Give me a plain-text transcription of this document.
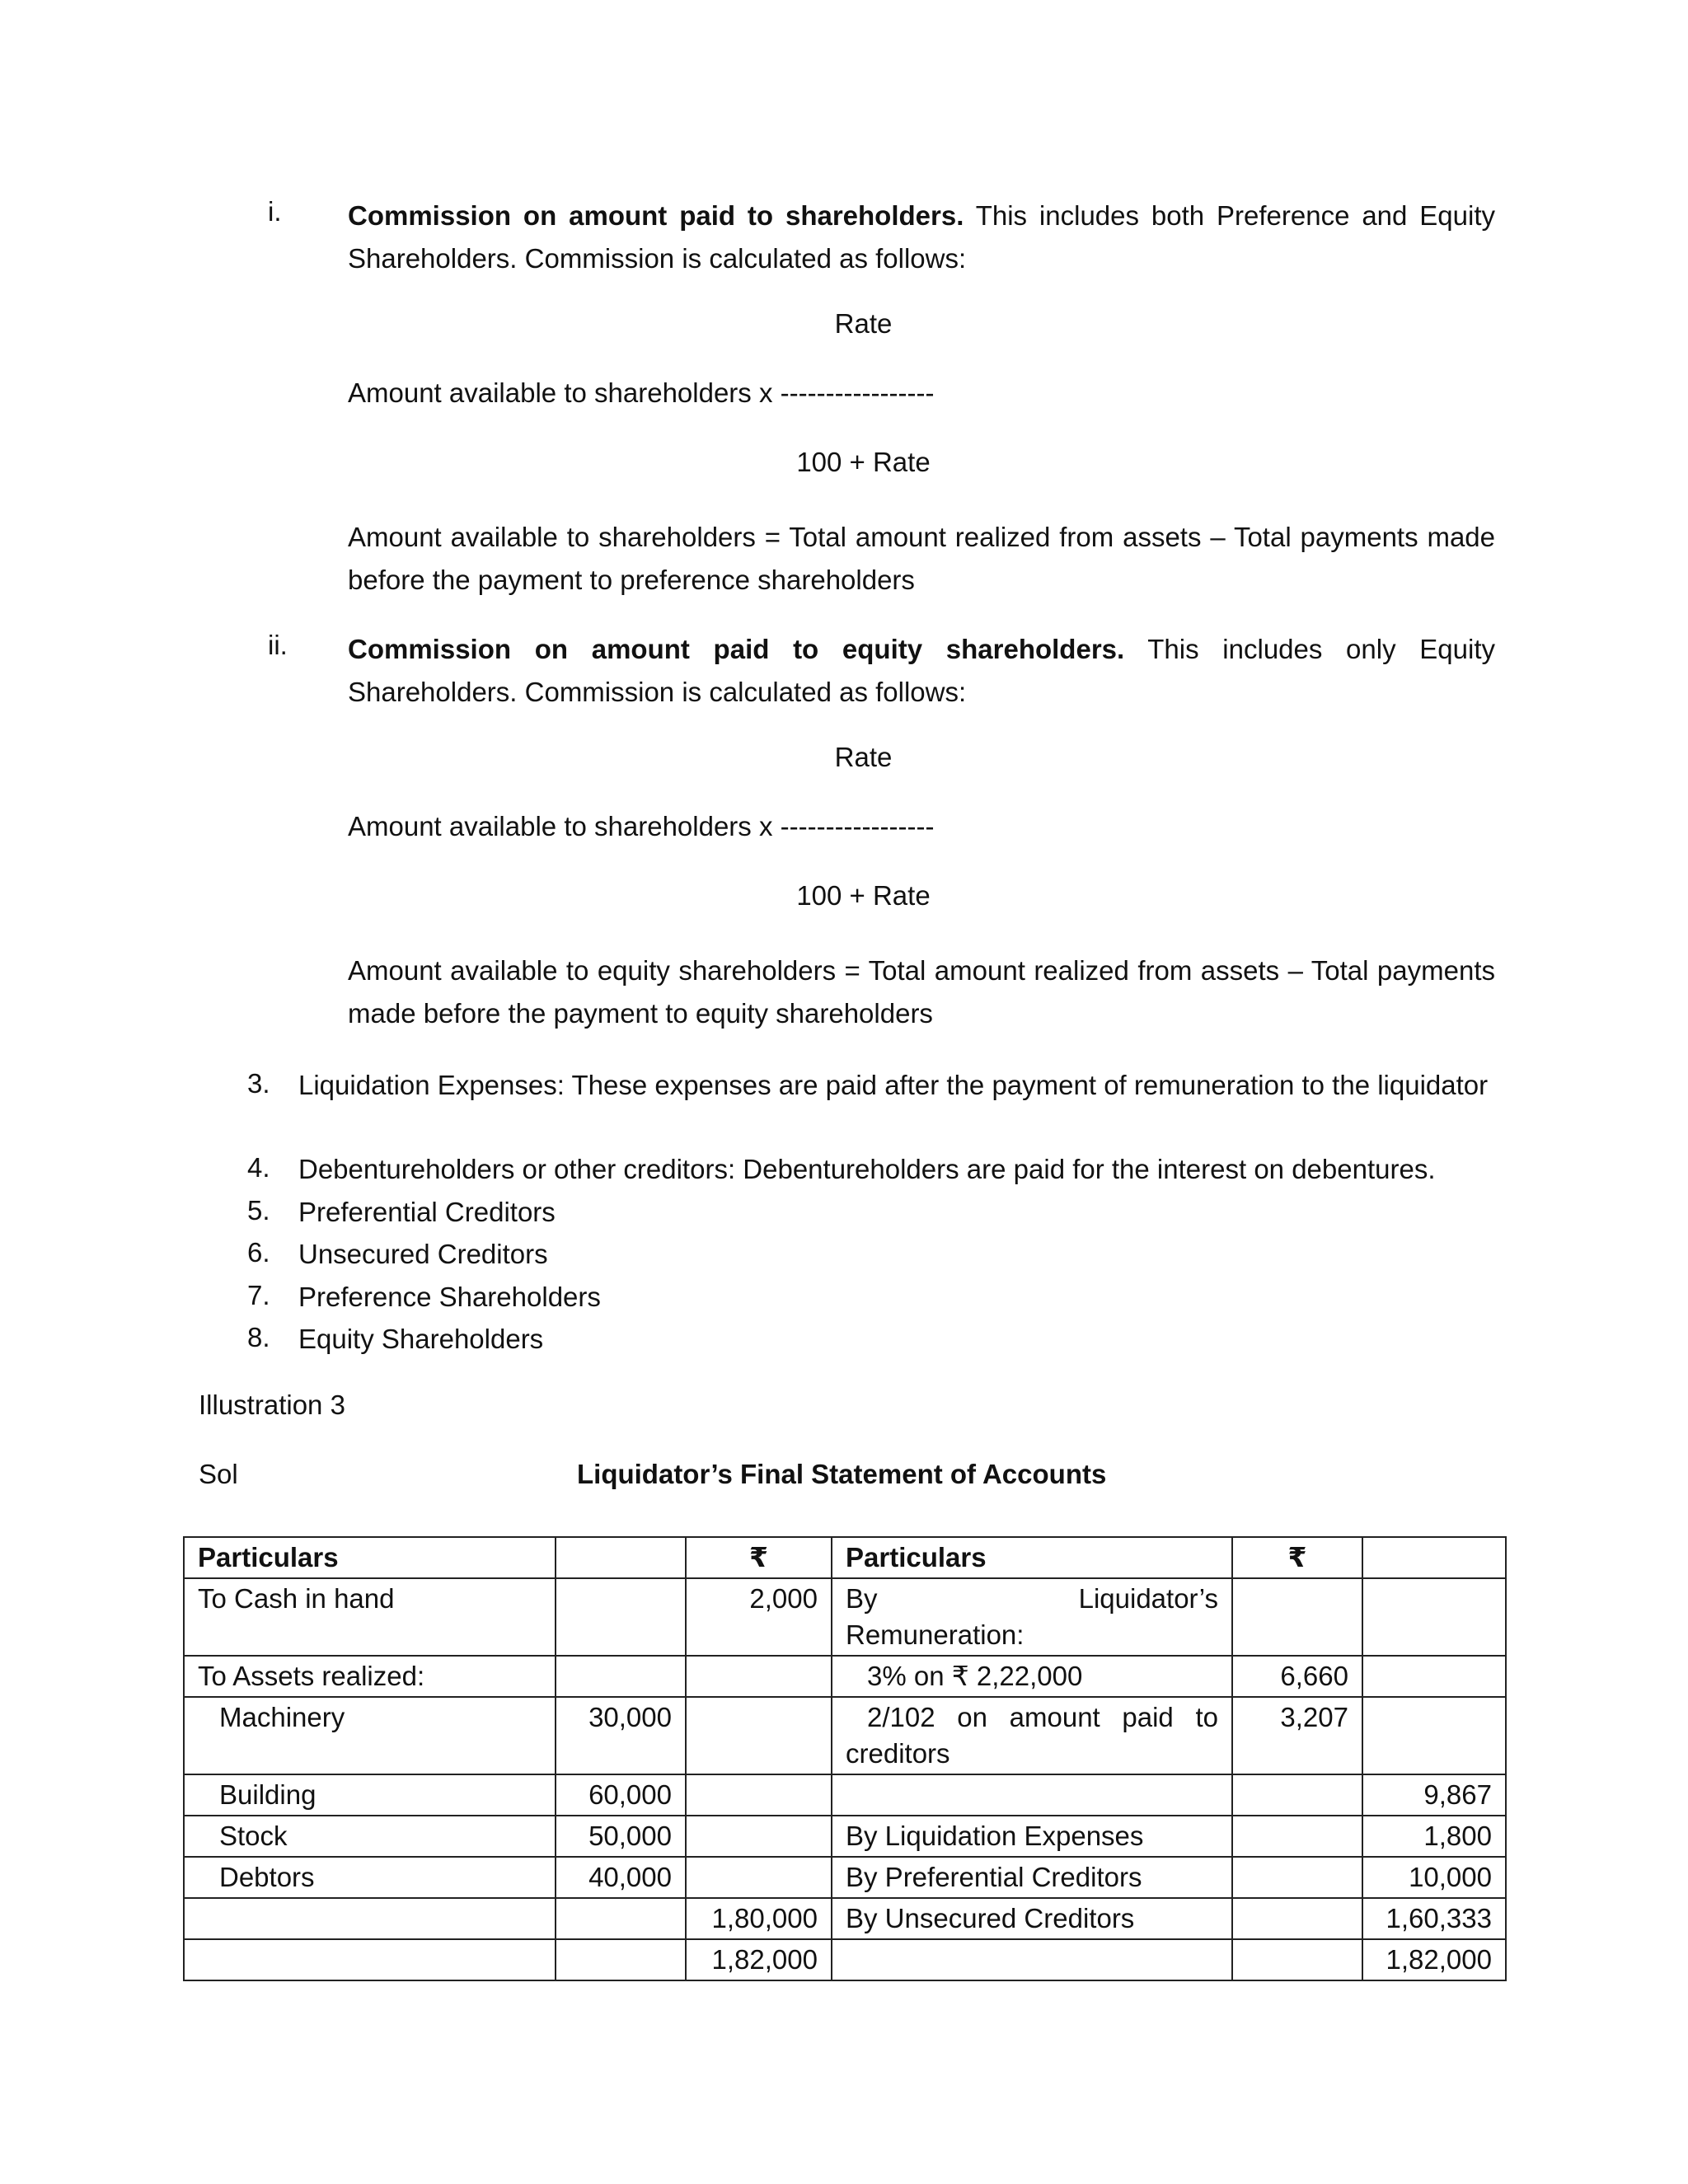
i.	Commission on amount paid to shareholders. This includes both Preference and Equity Shareholders. Commission is calculated as follows:
Rate
Amount available to shareholders x -----------------
100 + Rate
Amount available to shareholders = Total amount realized from assets – Total payments made before the payment to preference shareholders
ii.	Commission on amount paid to equity shareholders. This includes only Equity Shareholders. Commission is calculated as follows:
Rate
Amount available to shareholders x -----------------
100 + Rate
Amount available to equity shareholders = Total amount realized from assets – Total payments made before the payment to equity shareholders
3.	Liquidation Expenses: These expenses are paid after the payment of remuneration to the liquidator
4.	Debentureholders or other creditors: Debentureholders are paid for the interest on debentures.
5.	Preferential Creditors
6.	Unsecured Creditors
7.	Preference Shareholders
8.	Equity Shareholders
Illustration 3
Sol	Liquidator’s Final Statement of Accounts
Particulars		₹	Particulars	₹	
To Cash in hand		2,000	By Liquidator’s
Remuneration:		

To Assets realized:			3% on ₹ 2,22,000	6,660	
Machinery	30,000		2/102 on amount paid to creditors	3,207	
Building	60,000				9,867
Stock	50,000		By Liquidation Expenses		1,800
Debtors	40,000		By Preferential Creditors		10,000
		1,80,000	By Unsecured Creditors		1,60,333
		1,82,000			1,82,000
